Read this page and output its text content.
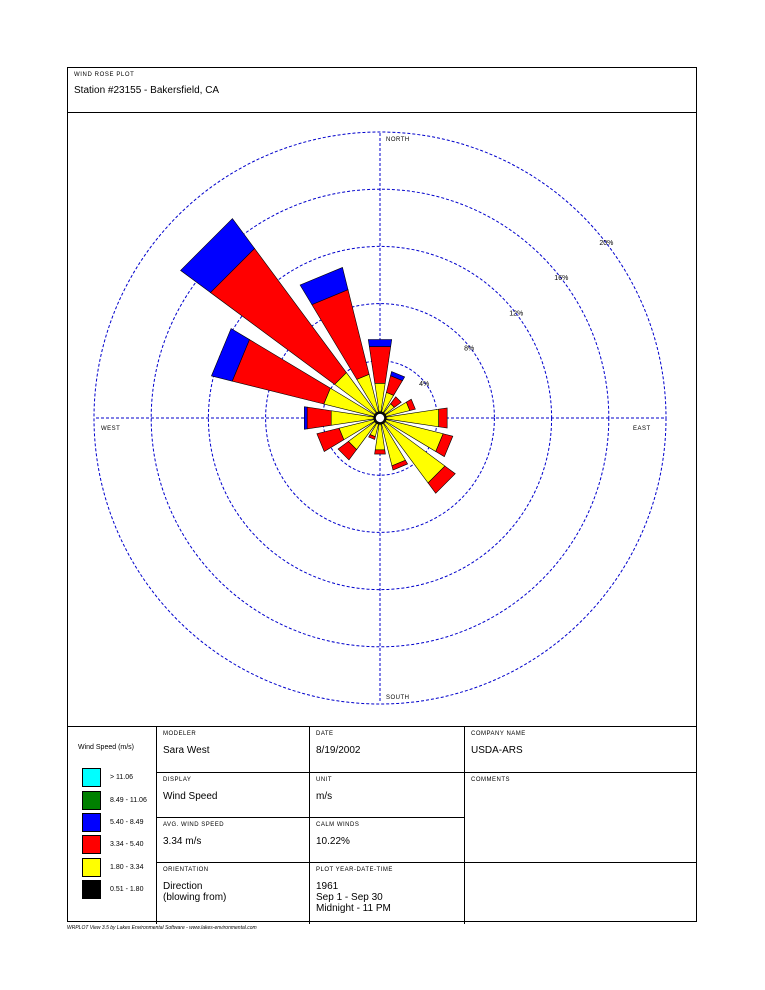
WIND ROSE PLOT
Station #23155 - Bakersfield, CA
NORTH
SOUTH
EAST
WEST
4%
8%
12%
16%
20%
Wind Speed (m/s)
> 11.06
8.49 - 11.06
5.40 - 8.49
3.34 - 5.40
1.80 - 3.34
0.51 - 1.80
MODELER
Sara West
DATE
8/19/2002
COMPANY NAME
USDA-ARS
DISPLAY
Wind Speed
UNIT
m/s
COMMENTS
AVG. WIND SPEED
3.34 m/s
CALM WINDS
10.22%
ORIENTATION
Direction
(blowing from)
PLOT YEAR-DATE-TIME
1961
Sep 1 - Sep 30
Midnight - 11 PM
WRPLOT View 3.5 by Lakes Environmental Software - www.lakes-environmental.com
